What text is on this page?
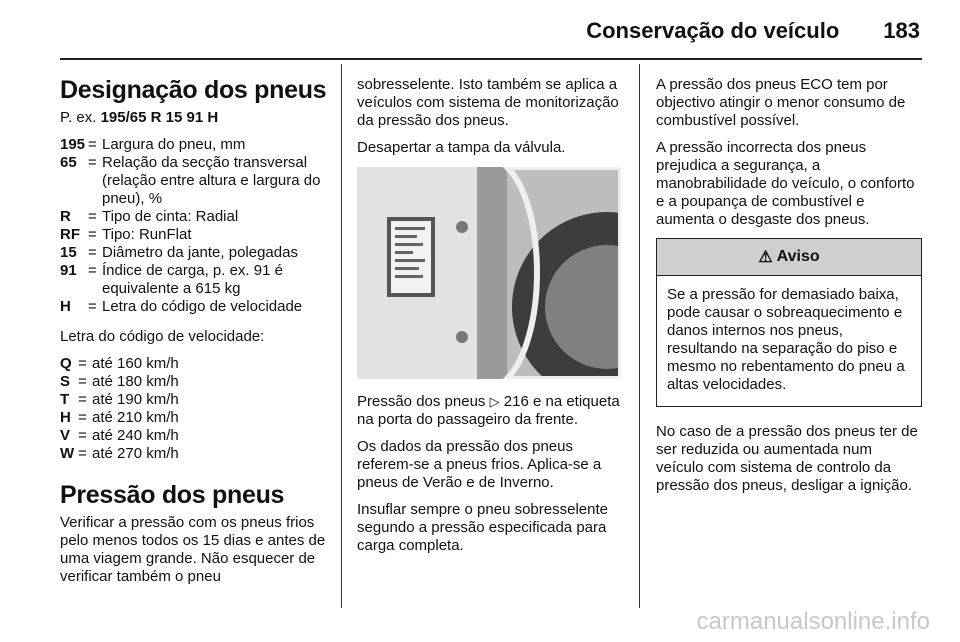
Conservação do veículo 183
Designação dos pneus

P. ex. 195/65 R 15 91 H

195 = Largura do pneu, mm
65 = Relação da secção transversal (relação entre altura e largura do pneu), %
R	= Tipo de cinta: Radial
RF = Tipo: RunFlat
15 = Diâmetro da jante, polegadas
91 = Índice de carga, p. ex. 91 é equivalente a 615 kg
H	= Letra do código de velocidade

Letra do código de velocidade:

Q = até 160 km/h
S = até 180 km/h
T = até 190 km/h
H = até 210 km/h
V = até 240 km/h
W = até 270 km/h
Pressão dos pneus

Verificar a pressão com os pneus frios pelo menos todos os 15 dias e antes de uma viagem grande. Não esquecer de verificar também o pneu

sobresselente. Isto também se aplica a veículos com sistema de monitorização da pressão dos pneus.

Desapertar a tampa da válvula.

Pressão dos pneus ▷ 216 e na etiqueta na porta do passageiro da frente.

Os dados da pressão dos pneus referem-se a pneus frios. Aplica-se a pneus de Verão e de Inverno.

Insuflar sempre o pneu sobresselente segundo a pressão especificada para carga completa.

A pressão dos pneus ECO tem por objectivo atingir o menor consumo de combustível possível.

A pressão incorrecta dos pneus prejudica a segurança, a manobrabilidade do veículo, o conforto e a poupança de combustível e aumenta o desgaste dos pneus.

⚠ Aviso

Se a pressão for demasiado baixa, pode causar o sobreaquecimento e danos internos nos pneus, resultando na separação do piso e mesmo no rebentamento do pneu a altas velocidades.

No caso de a pressão dos pneus ter de ser reduzida ou aumentada num veículo com sistema de controlo da pressão dos pneus, desligar a ignição.

carmanualsonline.info
